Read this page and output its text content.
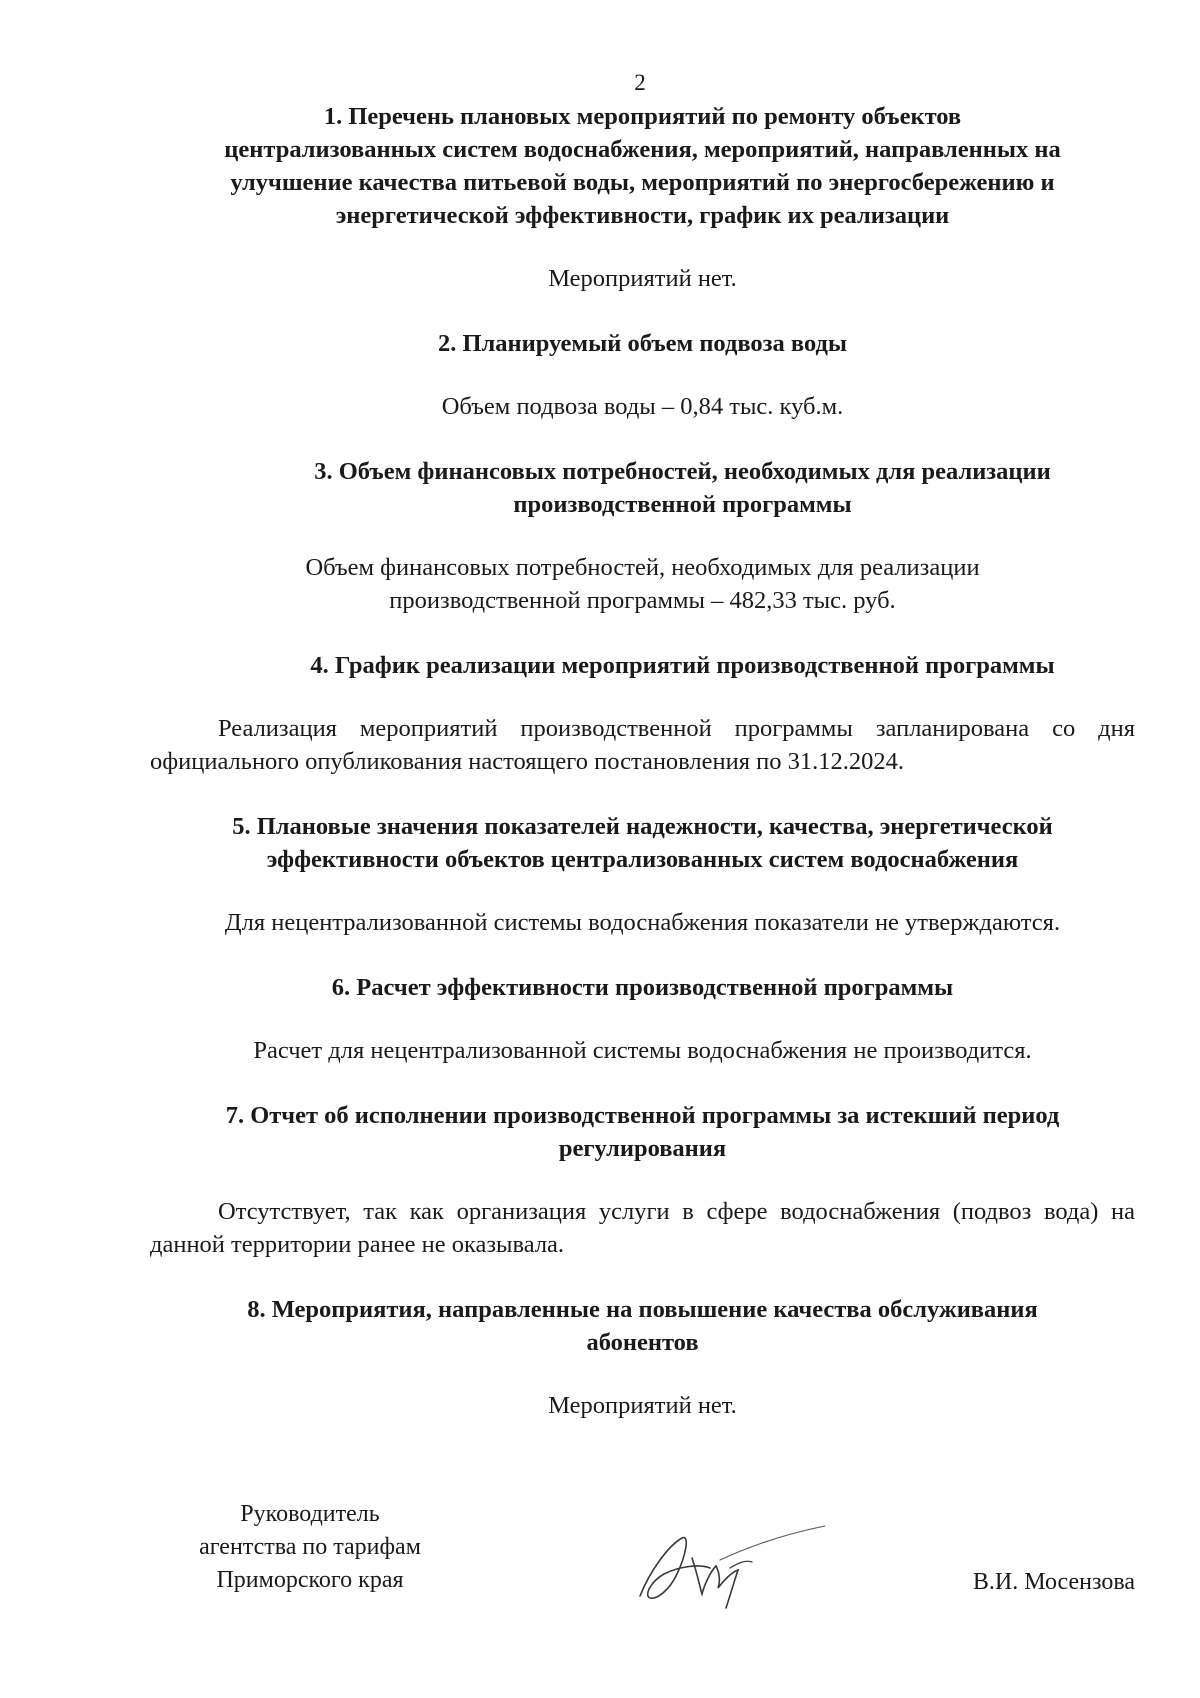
2

1. Перечень плановых мероприятий по ремонту объектов
централизованных систем водоснабжения, мероприятий, направленных на
улучшение качества питьевой воды, мероприятий по энергосбережению и
энергетической эффективности, график их реализации

Мероприятий нет.

2. Планируемый объем подвоза воды

Объем подвоза воды – 0,84 тыс. куб.м.

3. Объем финансовых потребностей, необходимых для реализации
производственной программы

Объем финансовых потребностей, необходимых для реализации
производственной программы – 482,33 тыс. руб.

4. График реализации мероприятий производственной программы

Реализация мероприятий производственной программы запланирована со дня официального опубликования настоящего постановления по 31.12.2024.

5. Плановые значения показателей надежности, качества, энергетической
эффективности объектов централизованных систем водоснабжения

Для нецентрализованной системы водоснабжения показатели не утверждаются.

6. Расчет эффективности производственной программы

Расчет для нецентрализованной системы водоснабжения не производится.

7. Отчет об исполнении производственной программы за истекший период
регулирования

Отсутствует, так как организация услуги в сфере водоснабжения (подвоз вода) на данной территории ранее не оказывала.

8. Мероприятия, направленные на повышение качества обслуживания
абонентов

Мероприятий нет.

Руководитель
агентства по тарифам
Приморского края	В.И. Мосензова
